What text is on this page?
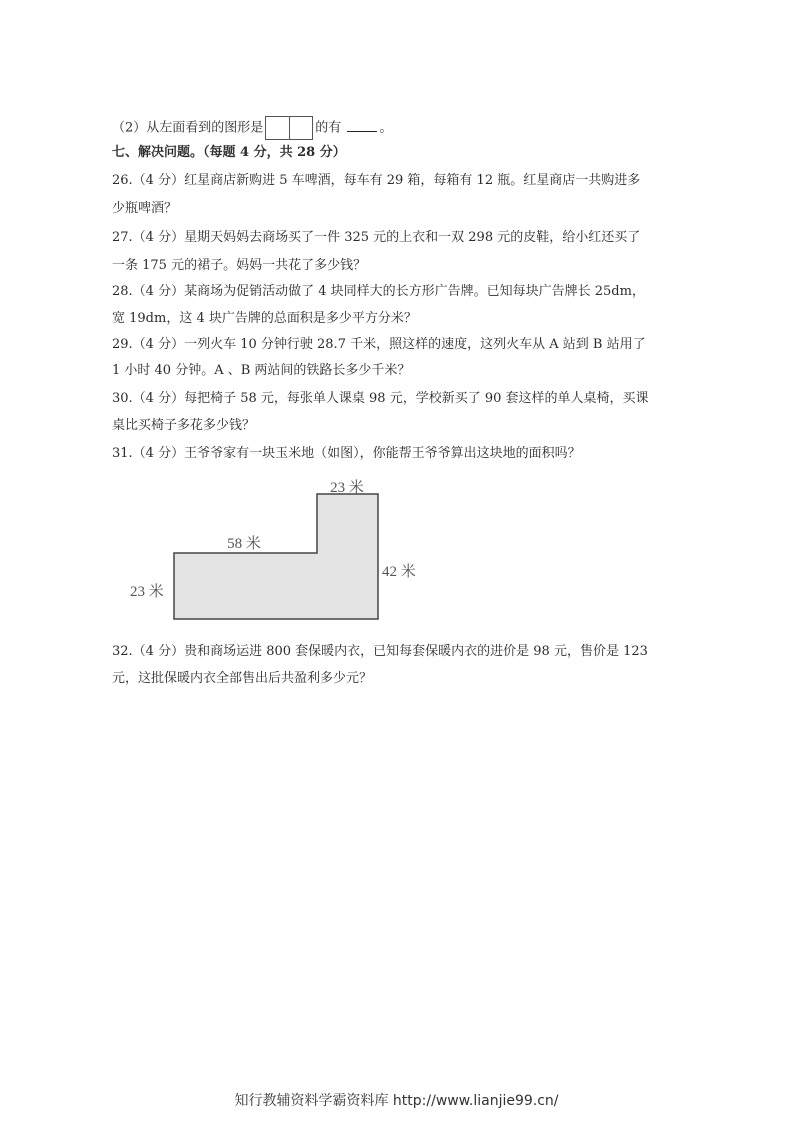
（2）从左面看到的图形是	的有	。
七、解决问题。（每题 4 分，共 28 分）
26.（4 分）红星商店新购进 5 车啤酒，每车有 29 箱，每箱有 12 瓶。红星商店一共购进多
少瓶啤酒？
27.（4 分）星期天妈妈去商场买了一件 325 元的上衣和一双 298 元的皮鞋，给小红还买了
一条 175 元的裙子。妈妈一共花了多少钱？
28.（4 分）某商场为促销活动做了 4 块同样大的长方形广告牌。已知每块广告牌长 25dm，
宽 19dm，这 4 块广告牌的总面积是多少平方分米？
29.（4 分）一列火车 10 分钟行驶 28.7 千米，照这样的速度，这列火车从 A 站到 B 站用了
1 小时 40 分钟。A 、B 两站间的铁路长多少千米？
30.（4 分）每把椅子 58 元，每张单人课桌 98 元，学校新买了 90 套这样的单人桌椅，买课
桌比买椅子多花多少钱？
31.（4 分）王爷爷家有一块玉米地（如图），你能帮王爷爷算出这块地的面积吗？
23 米
58 米
42 米
23 米
32.（4 分）贵和商场运进 800 套保暖内衣，已知每套保暖内衣的进价是 98 元，售价是 123
元，这批保暖内衣全部售出后共盈利多少元？
知行教辅资料学霸资料库 http://www.lianjie99.cn/
